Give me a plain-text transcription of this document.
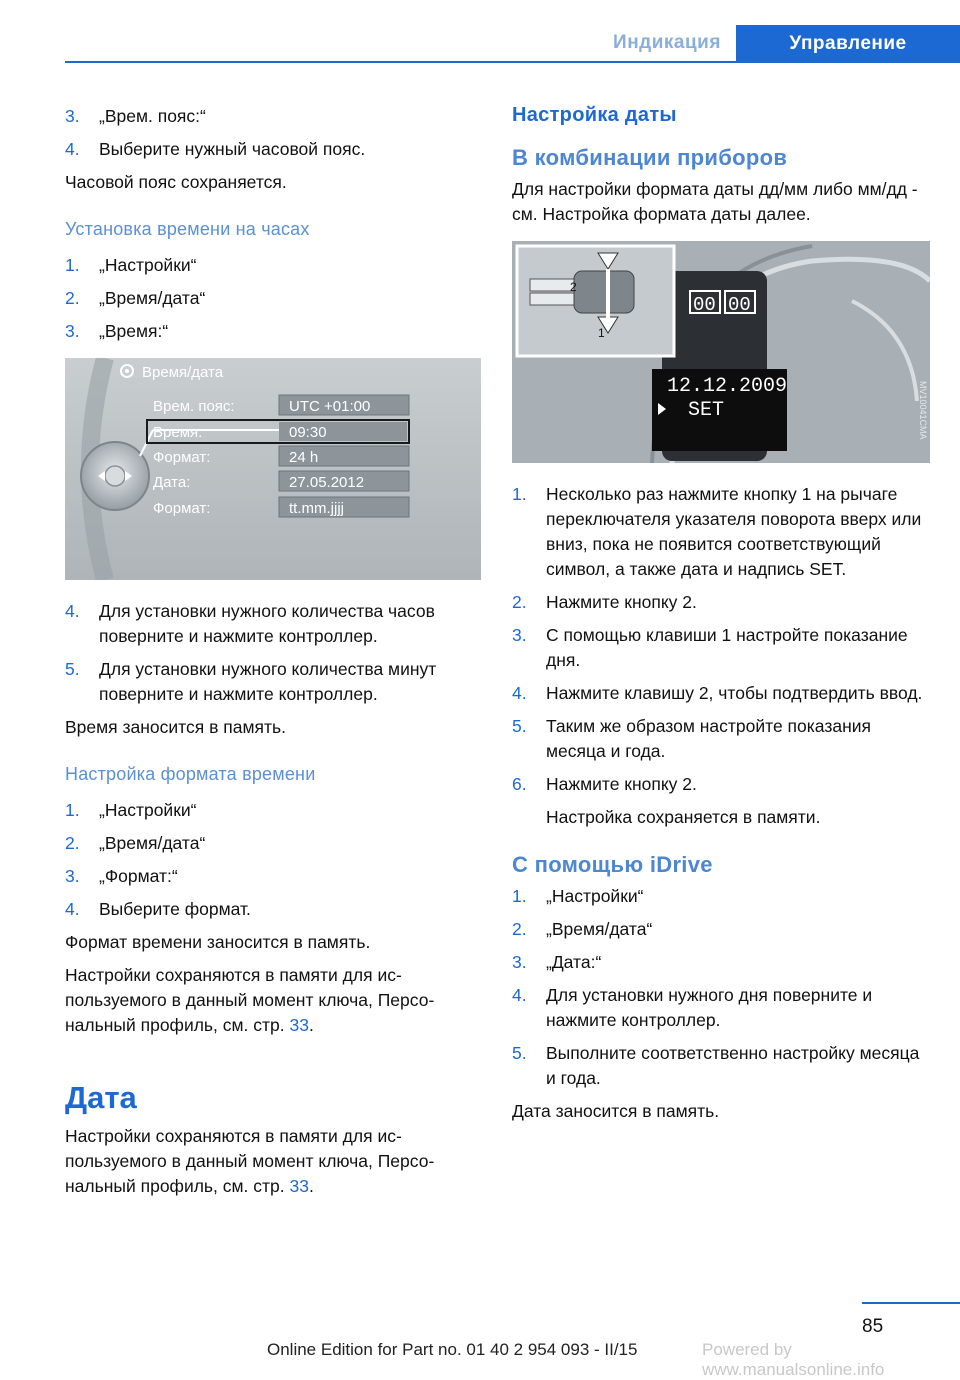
Индикация	Управление
3.	„Врем. пояс:“
4.	Выберите нужный часовой пояс.

Часовой пояс сохраняется.

Установка времени на часах
1.	„Настройки“
2.	„Время/дата“
3.	„Время:“
Время/дата
Врем. пояс:	UTC +01:00
Время:	09:30
Формат:	24 h
Дата:	27.05.2012
Формат:	tt.mm.jjjj
4.	Для установки нужного количества часов поверните и нажмите контроллер.
5.	Для установки нужного количества минут поверните и нажмите контроллер.

Время заносится в память.

Настройка формата времени
1.	„Настройки“
2.	„Время/дата“
3.	„Формат:“
4.	Выберите формат.

Формат времени заносится в память.

Настройки сохраняются в памяти для используемого в данный момент ключа, Персональный профиль, см. стр. 33.

Дата

Настройки сохраняются в памяти для используемого в данный момент ключа, Персональный профиль, см. стр. 33.

Настройка даты
В комбинации приборов

Для настройки формата даты дд/мм либо мм/дд - см. Настройка формата даты далее.

2
1
00 00
12.12.2009
SET	MV10041CMA
1.	Несколько раз нажмите кнопку 1 на рычаге переключателя указателя поворота вверх или вниз, пока не появится соответствующий символ, а также дата и надпись SET.
2.	Нажмите кнопку 2.
3.	С помощью клавиши 1 настройте показание дня.
4.	Нажмите клавишу 2, чтобы подтвердить ввод.
5.	Таким же образом настройте показания месяца и года.
6.	Нажмите кнопку 2.
Настройка сохраняется в памяти.
С помощью iDrive
1.	„Настройки“
2.	„Время/дата“
3.	„Дата:“
4.	Для установки нужного дня поверните и нажмите контроллер.
5.	Выполните соответственно настройку месяца и года.

Дата заносится в память.

85
Online Edition for Part no. 01 40 2 954 093 - II/15	Powered by www.manualsonline.info
